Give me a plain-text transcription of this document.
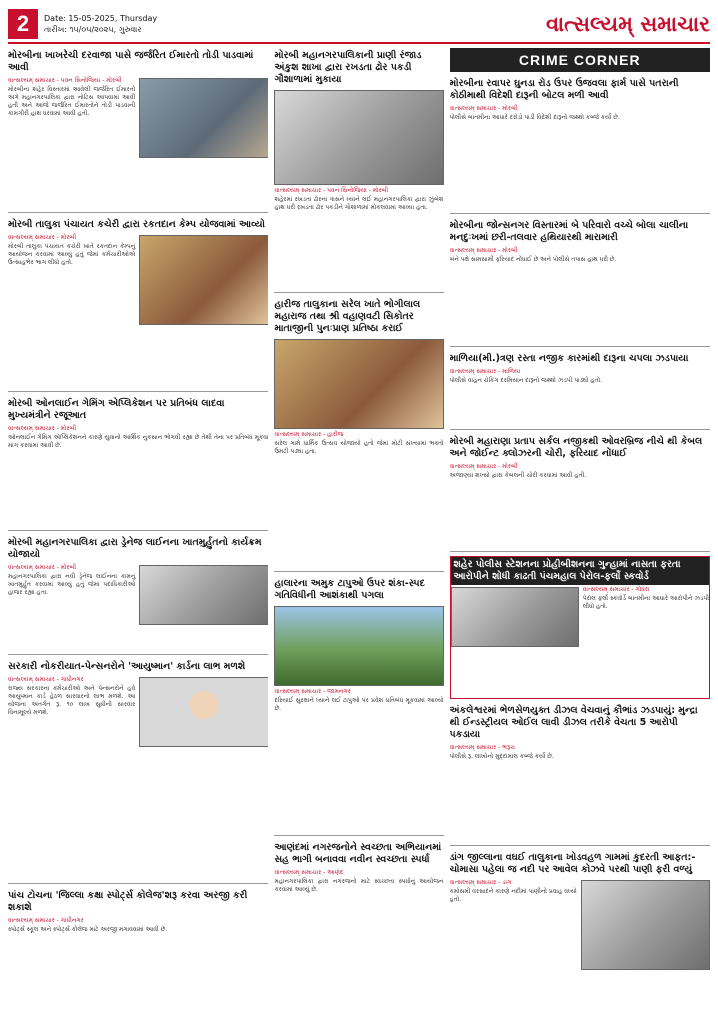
2	Date: 15-05-2025, Thursday
તારીખ: ૧૫/૦૫/૨૦૨૫, ગુરુવાર	વાત્સલ્યમ્ સમાચાર
મોરબીના ખાખરેચી દરવાજા પાસે જર્જરિત ઈમારતો તોડી પાડવામાં આવી
વાત્સલ્યમ્ સમાચાર - પવન સિનોજિયા - મોરબી
મોરબીના શહેર વિસ્તારમાં આવેલી જર્જરિત ઈમારતો અંગે મહાનગરપાલિકા દ્વારા નોટિસ આપવામાં આવી હતી અને આજે જર્જરિત ઈમારતોને તોડી પાડવાની કામગીરી હાથ ધરવામાં આવી હતી.
મોરબી તાલુકા પંચાયત કચેરી દ્વારા રકતદાન કેમ્પ યોજવામાં આવ્યો
વાત્સલ્યમ્ સમાચાર - મોરબી
મોરબી તાલુકા પંચાયત કચેરી ખાતે રકતદાન કેમ્પનું આયોજન કરવામાં આવ્યું હતું જેમાં કર્મચારીઓએ ઉત્સાહભેર ભાગ લીધો હતો.
મોરબી ઓનલાઈન ગેમિંગ એપ્લિકેશન પર પ્રતિબંધ લાદવા મુખ્યમંત્રીને રજૂઆત
વાત્સલ્યમ્ સમાચાર - મોરબી
ઓનલાઈન ગેમિંગ એપ્લિકેશનને કારણે યુવાનો આર્થિક નુકસાન ભોગવી રહ્યા છે તેથી તેના પર પ્રતિબંધ મૂકવા માંગ કરવામાં આવી છે.
મોરબી મહાનગરપાલિકા દ્વારા ડ્રેનેજ લાઈનના ખાતમુર્હુતનો કાર્યક્રમ યોજાયો
વાત્સલ્યમ્ સમાચાર - મોરબી
મહાનગરપાલિકા દ્વારા નવી ડ્રેનેજ લાઈનના કામનું ખાતમુર્હુત કરવામાં આવ્યું હતું જેમાં પદાધિકારીઓ હાજર રહ્યા હતા.
સરકારી નોકરીયાત-પેન્સનરોને 'આયુષ્માન' કાર્ડના લાભ મળશે
વાત્સલ્યમ્ સમાચાર - ગાંધીનગર
રાજ્ય સરકારના કર્મચારીઓ અને પેન્સનરોને હવે આયુષ્માન કાર્ડ હેઠળ સારવારનો લાભ મળશે. આ યોજના અંતર્ગત રૂ. ૧૦ લાખ સુધીની સારવાર વિનામૂલ્યે મળશે.
પાંચ ટોચના 'જિલ્લા કક્ષા સ્પોર્ટ્સ કોલેજ'શરૂ કરવા અરજી કરી શકાશે
વાત્સલ્યમ્ સમાચાર - ગાંધીનગર
સ્પોર્ટ્સ સ્કૂલ અને સ્પોર્ટ્સ કોલેજ માટે અરજી મંગાવવામાં આવી છે.
મોરબી મહાનગરપાલિકાની પ્રાણી રંજાડ અંકુશ શાખા દ્વારા રખડતા ઢોર પકડી ગૌશાળામાં મુકાયા
વાત્સલ્યમ્ સમાચાર - પવન સિનોજિયા - મોરબી
શહેરમાં રખડતા ઢોરના ત્રાસને ધ્યાને લઈ મહાનગરપાલિકા દ્વારા ઝુંબેશ હાથ ધરી રખડતા ઢોર પકડીને ગૌશાળામાં મોકલવામાં આવ્યા હતા.
હારીજ તાલુકાના સરેલ ખાતે ભોગીલાલ મહારાજ તથા શ્રી વહાણવટી સિકોતર માતાજીની પુનઃપ્રાણ પ્રતિષ્ઠા કરાઈ
વાત્સલ્યમ્ સમાચાર - હારીજ
સરેલ ગામે ધાર્મિક ઉત્સવ યોજાયો હતો જેમાં મોટી સંખ્યામાં ભક્તો ઉમટી પડ્યા હતા.
હાલારના અમુક ટાપુઓ ઉપર શંકા-સ્પદ ગતિવિધીની આશંકાથી પગલા
વાત્સલ્યમ્ સમાચાર - જામનગર
દરિયાઈ સુરક્ષાને ધ્યાને લઈ ટાપુઓ પર પ્રવેશ પ્રતિબંધ મૂકવામાં આવ્યો છે.
આણંદમાં નગરજનોને સ્વચ્છતા અભિયાનમાં સહ ભાગી બનાવવા નવીન સ્વચ્છતા સ્પર્ધા
વાત્સલ્યમ્ સમાચાર - આણંદ
મહાનગરપાલિકા દ્વારા નગરજનો માટે સ્વચ્છતા સ્પર્ધાનું આયોજન કરવામાં આવ્યું છે.
CRIME CORNER
મોરબીના રવાપર ઘુનડા રોડ ઉપર ઉજવલા ફાર્મ પાસે પતરાની કોઠીમાથી વિદેશી દારૂની બોટલ મળી આવી
વાત્સલ્યમ્ સમાચાર - મોરબી
પોલીસે બાતમીના આધારે દરોડો પાડી વિદેશી દારૂનો જથ્થો કબ્જે કર્યો છે.
મોરબીના જોન્સનગર વિસ્તારમાં બે પરિવારો વચ્ચે બોલા ચાલીના મનદુઃખમાં છરી-તલવાર હથિયારથી મારામારી
વાત્સલ્યમ્ સમાચાર - મોરબી
બંને પક્ષે સામસામી ફરિયાદ નોંધાઈ છે અને પોલીસે તપાસ હાથ ધરી છે.
માળિયા(મી.)ત્રણ રસ્તા નજીક કારમાંથી દારૂના ચપલા ઝડપાયા
વાત્સલ્યમ્ સમાચાર - માળિયા
પોલીસે વાહન ચેકિંગ દરમિયાન દારૂનો જથ્થો ઝડપી પાડ્યો હતો.
મોરબી મહારાણા પ્રતાપ સર્કલ નજીકથી ઓવરબ્રિજ નીચે થી કેબલ અને જોઈન્ટ ક્લોઝરની ચોરી, ફરિયાદ નોંધાઈ
વાત્સલ્યમ્ સમાચાર - મોરબી
અજાણ્યા શખ્સો દ્વારા કેબલની ચોરી કરવામાં આવી હતી.
શહેર પોલીસ સ્ટેશનના પ્રોહીબીશનના ગુન્હામાં નાસતા ફરતા આરોપીને શોધી કાઢતી પંચમહાલ પેરોલ-ફર્લો સ્કવોર્ડ
વાત્સલ્યમ્ સમાચાર - ગોધરા
પેરોલ ફર્લો સ્કવોર્ડે બાતમીના આધારે આરોપીને ઝડપી લીધો હતો.
અંકલેશ્વરમાં ભેળસેળયુક્ત ડીઝલ વેચવાનું કૌભાંડ ઝડપાયું: મુન્દ્રા થી ઈન્ડસ્ટ્રીયલ ઓઈલ લાવી ડીઝલ તરીકે વેચતા 5 આરોપી પકડાયા
વાત્સલ્યમ્ સમાચાર - ભરૂચ
પોલીસે રૂ. લાખોનો મુદ્દામાલ કબ્જે કર્યો છે.
ડાંગ જીલ્લાના વઘઈ તાલુકાના ખોડવહળ ગામમાં કુદરતી આફત:-ચોમાસા પહેલા જ નદી પર આવેલ કોઝવે પરથી પાણી ફરી વળ્યું
વાત્સલ્યમ્ સમાચાર - ડાંગ
કમોસમી વરસાદને કારણે નદીમાં પાણીનો પ્રવાહ વધ્યો હતો.
